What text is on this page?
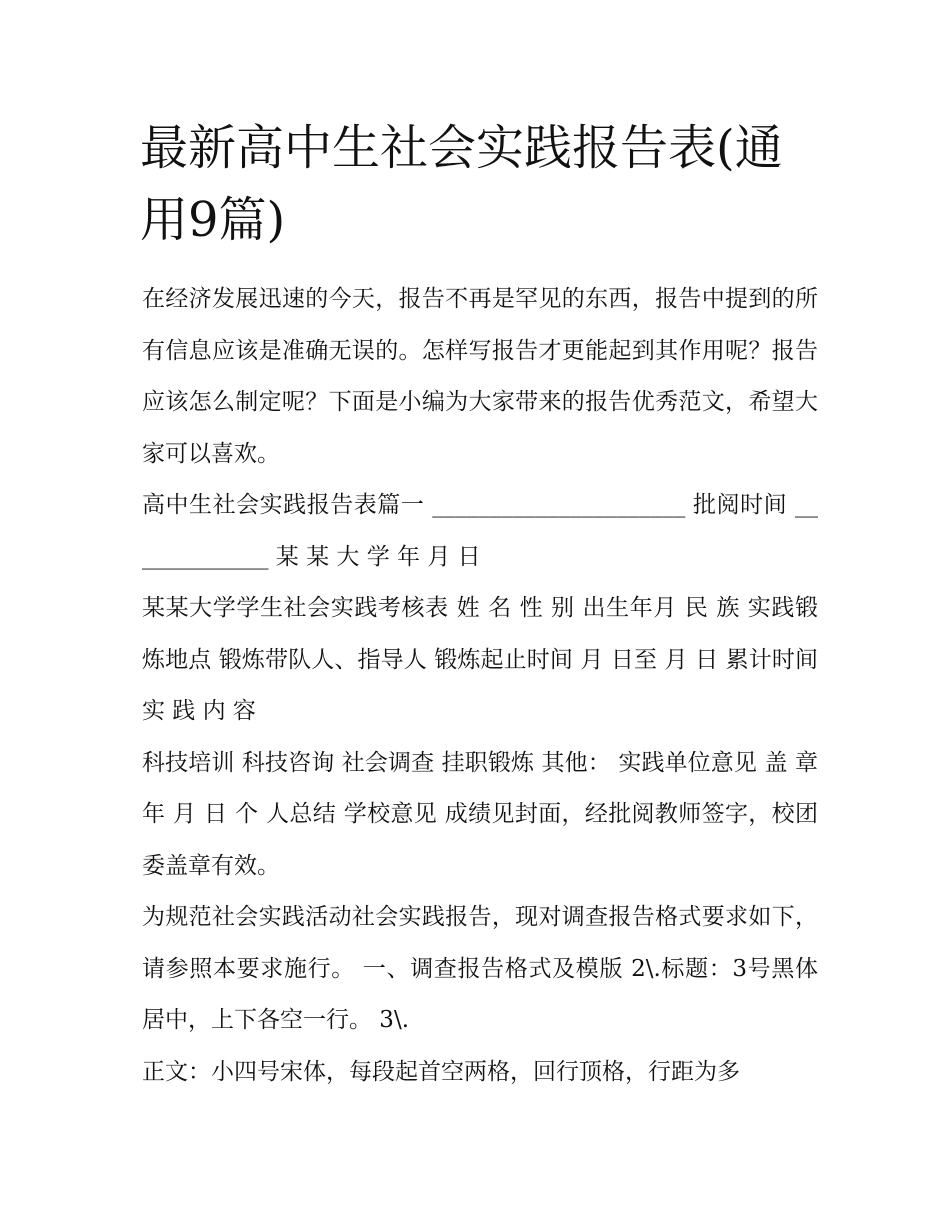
最新高中生社会实践报告表(通用9篇)

在经济发展迅速的今天，报告不再是罕见的东西，报告中提到的所有信息应该是准确无误的。怎样写报告才更能起到其作用呢？报告应该怎么制定呢？下面是小编为大家带来的报告优秀范文，希望大家可以喜欢。

高中生社会实践报告表篇一 ______________________ 批阅时间 _____________ 某 某 大 学 年 月 日

某某大学学生社会实践考核表 姓 名 性 别 出生年月 民 族 实践锻炼地点 锻炼带队人、指导人 锻炼起止时间 月 日至 月 日 累计时间 实 践 内 容

科技培训 科技咨询 社会调查 挂职锻炼 其他： 实践单位意见 盖 章 年 月 日 个 人总结 学校意见 成绩见封面，经批阅教师签字，校团委盖章有效。

为规范社会实践活动社会实践报告，现对调查报告格式要求如下，请参照本要求施行。 一、调查报告格式及模版 2\.标题：3号黑体居中，上下各空一行。 3\.

正文：小四号宋体，每段起首空两格，回行顶格，行距为多
